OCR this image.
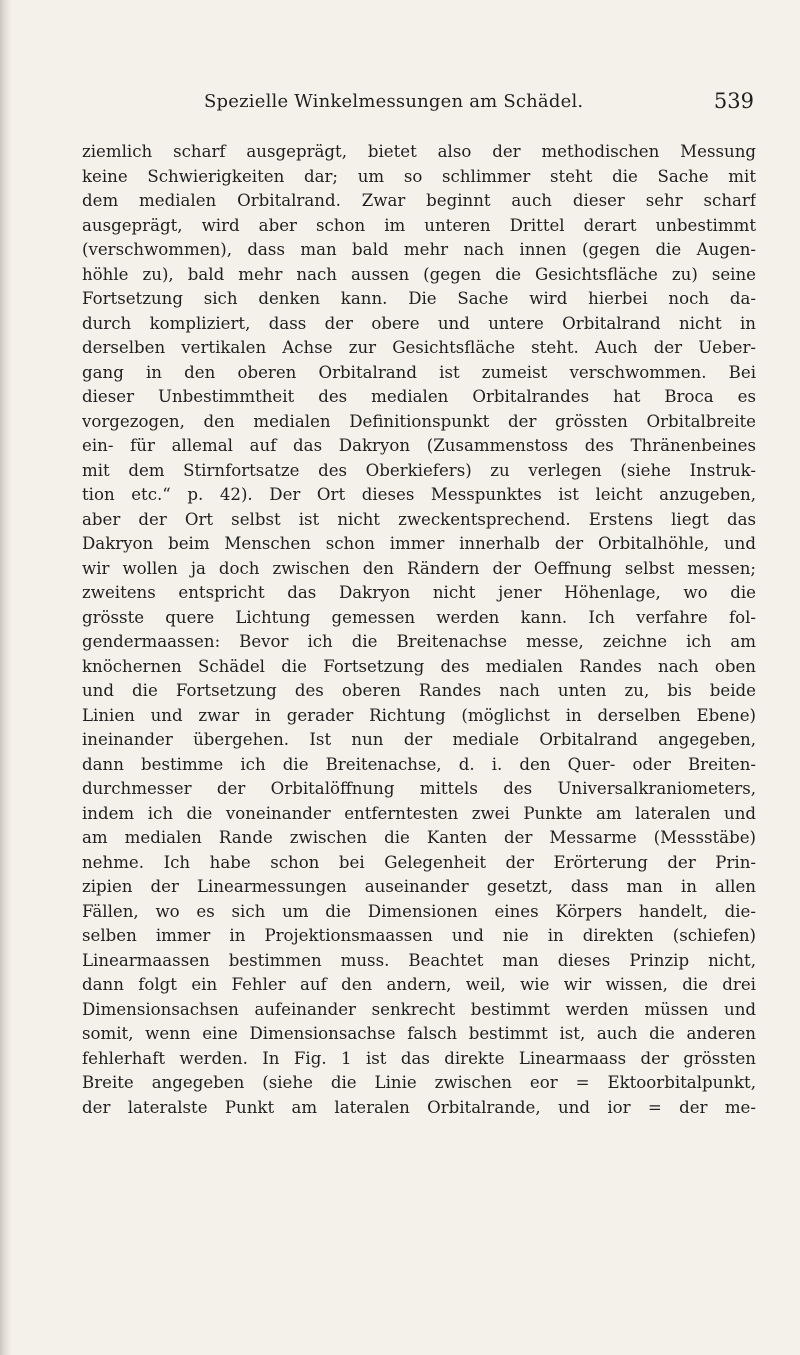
Spezielle Winkelmessungen am Schädel.	539
ziemlich scharf ausgeprägt, bietet also der methodischen Messung
keine Schwierigkeiten dar; um so schlimmer steht die Sache mit
dem medialen Orbitalrand. Zwar beginnt auch dieser sehr scharf
ausgeprägt, wird aber schon im unteren Drittel derart unbestimmt
(verschwommen), dass man bald mehr nach innen (gegen die Augen-
höhle zu), bald mehr nach aussen (gegen die Gesichtsfläche zu) seine
Fortsetzung sich denken kann. Die Sache wird hierbei noch da-
durch kompliziert, dass der obere und untere Orbitalrand nicht in
derselben vertikalen Achse zur Gesichtsfläche steht. Auch der Ueber-
gang in den oberen Orbitalrand ist zumeist verschwommen. Bei
dieser Unbestimmtheit des medialen Orbitalrandes hat Broca es
vorgezogen, den medialen Definitionspunkt der grössten Orbitalbreite
ein- für allemal auf das Dakryon (Zusammenstoss des Thränenbeines
mit dem Stirnfortsatze des Oberkiefers) zu verlegen (siehe Instruk-
tion etc.“ p. 42). Der Ort dieses Messpunktes ist leicht anzugeben,
aber der Ort selbst ist nicht zweckentsprechend. Erstens liegt das
Dakryon beim Menschen schon immer innerhalb der Orbitalhöhle, und
wir wollen ja doch zwischen den Rändern der Oeffnung selbst messen;
zweitens entspricht das Dakryon nicht jener Höhenlage, wo die
grösste quere Lichtung gemessen werden kann. Ich verfahre fol-
gendermaassen: Bevor ich die Breitenachse messe, zeichne ich am
knöchernen Schädel die Fortsetzung des medialen Randes nach oben
und die Fortsetzung des oberen Randes nach unten zu, bis beide
Linien und zwar in gerader Richtung (möglichst in derselben Ebene)
ineinander übergehen. Ist nun der mediale Orbitalrand angegeben,
dann bestimme ich die Breitenachse, d. i. den Quer- oder Breiten-
durchmesser der Orbitalöffnung mittels des Universalkraniometers,
indem ich die voneinander entferntesten zwei Punkte am lateralen und
am medialen Rande zwischen die Kanten der Messarme (Messstäbe)
nehme. Ich habe schon bei Gelegenheit der Erörterung der Prin-
zipien der Linearmessungen auseinander gesetzt, dass man in allen
Fällen, wo es sich um die Dimensionen eines Körpers handelt, die-
selben immer in Projektionsmaassen und nie in direkten (schiefen)
Linearmaassen bestimmen muss. Beachtet man dieses Prinzip nicht,
dann folgt ein Fehler auf den andern, weil, wie wir wissen, die drei
Dimensionsachsen aufeinander senkrecht bestimmt werden müssen und
somit, wenn eine Dimensionsachse falsch bestimmt ist, auch die anderen
fehlerhaft werden. In Fig. 1 ist das direkte Linearmaass der grössten
Breite angegeben (siehe die Linie zwischen eor = Ektoorbitalpunkt,
der lateralste Punkt am lateralen Orbitalrande, und ior = der me-
